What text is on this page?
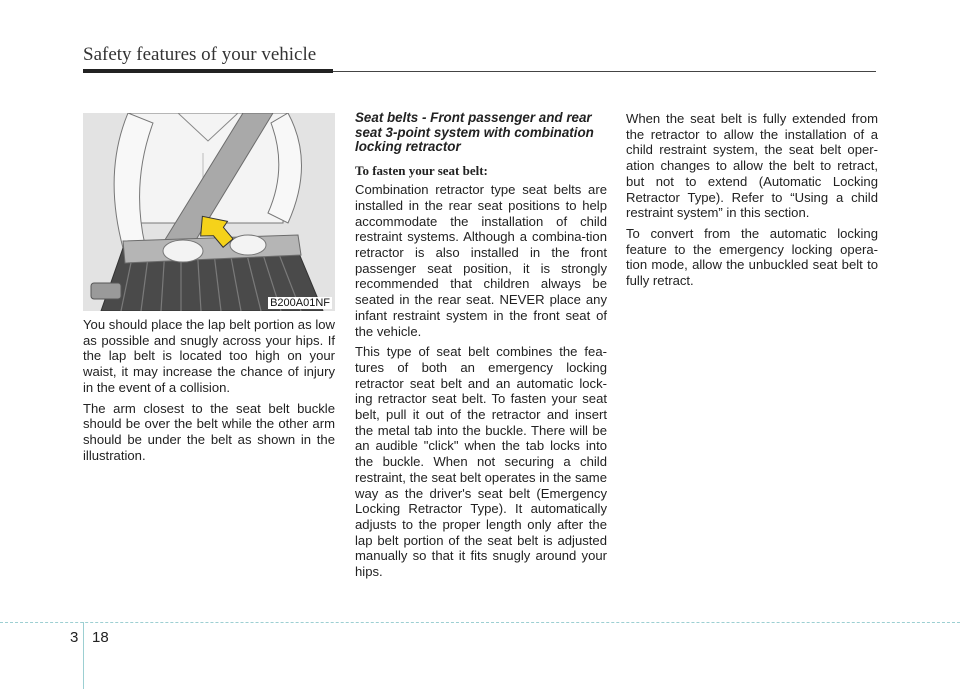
Safety features of your vehicle
B200A01NF

You should place the lap belt portion as low as possible and snugly across your hips. If the lap belt is located too high on your waist, it may increase the chance of injury in the event of a collision.

The arm closest to the seat belt buckle should be over the belt while the other arm should be under the belt as shown in the illustration.

Seat belts - Front passenger and rear seat 3-point system with combination locking retractor

To fasten your seat belt:

Combination retractor type seat belts are installed in the rear seat positions to help accommodate the installation of child restraint systems. Although a combina-tion retractor is also installed in the front passenger seat position, it is strongly recommended that children always be seated in the rear seat. NEVER place any infant restraint system in the front seat of the vehicle.

This type of seat belt combines the fea-tures of both an emergency locking retractor seat belt and an automatic lock-ing retractor seat belt. To fasten your seat belt, pull it out of the retractor and insert the metal tab into the buckle. There will be an audible "click" when the tab locks into the buckle. When not securing a child restraint, the seat belt operates in the same way as the driver's seat belt (Emergency Locking Retractor Type). It automatically adjusts to the proper length only after the lap belt portion of the seat belt is adjusted manually so that it fits snugly around your hips.

When the seat belt is fully extended from the retractor to allow the installation of a child restraint system, the seat belt oper-ation changes to allow the belt to retract, but not to extend (Automatic Locking Retractor Type). Refer to “Using a child restraint system” in this section.

To convert from the automatic locking feature to the emergency locking opera-tion mode, allow the unbuckled seat belt to fully retract.

3 18
